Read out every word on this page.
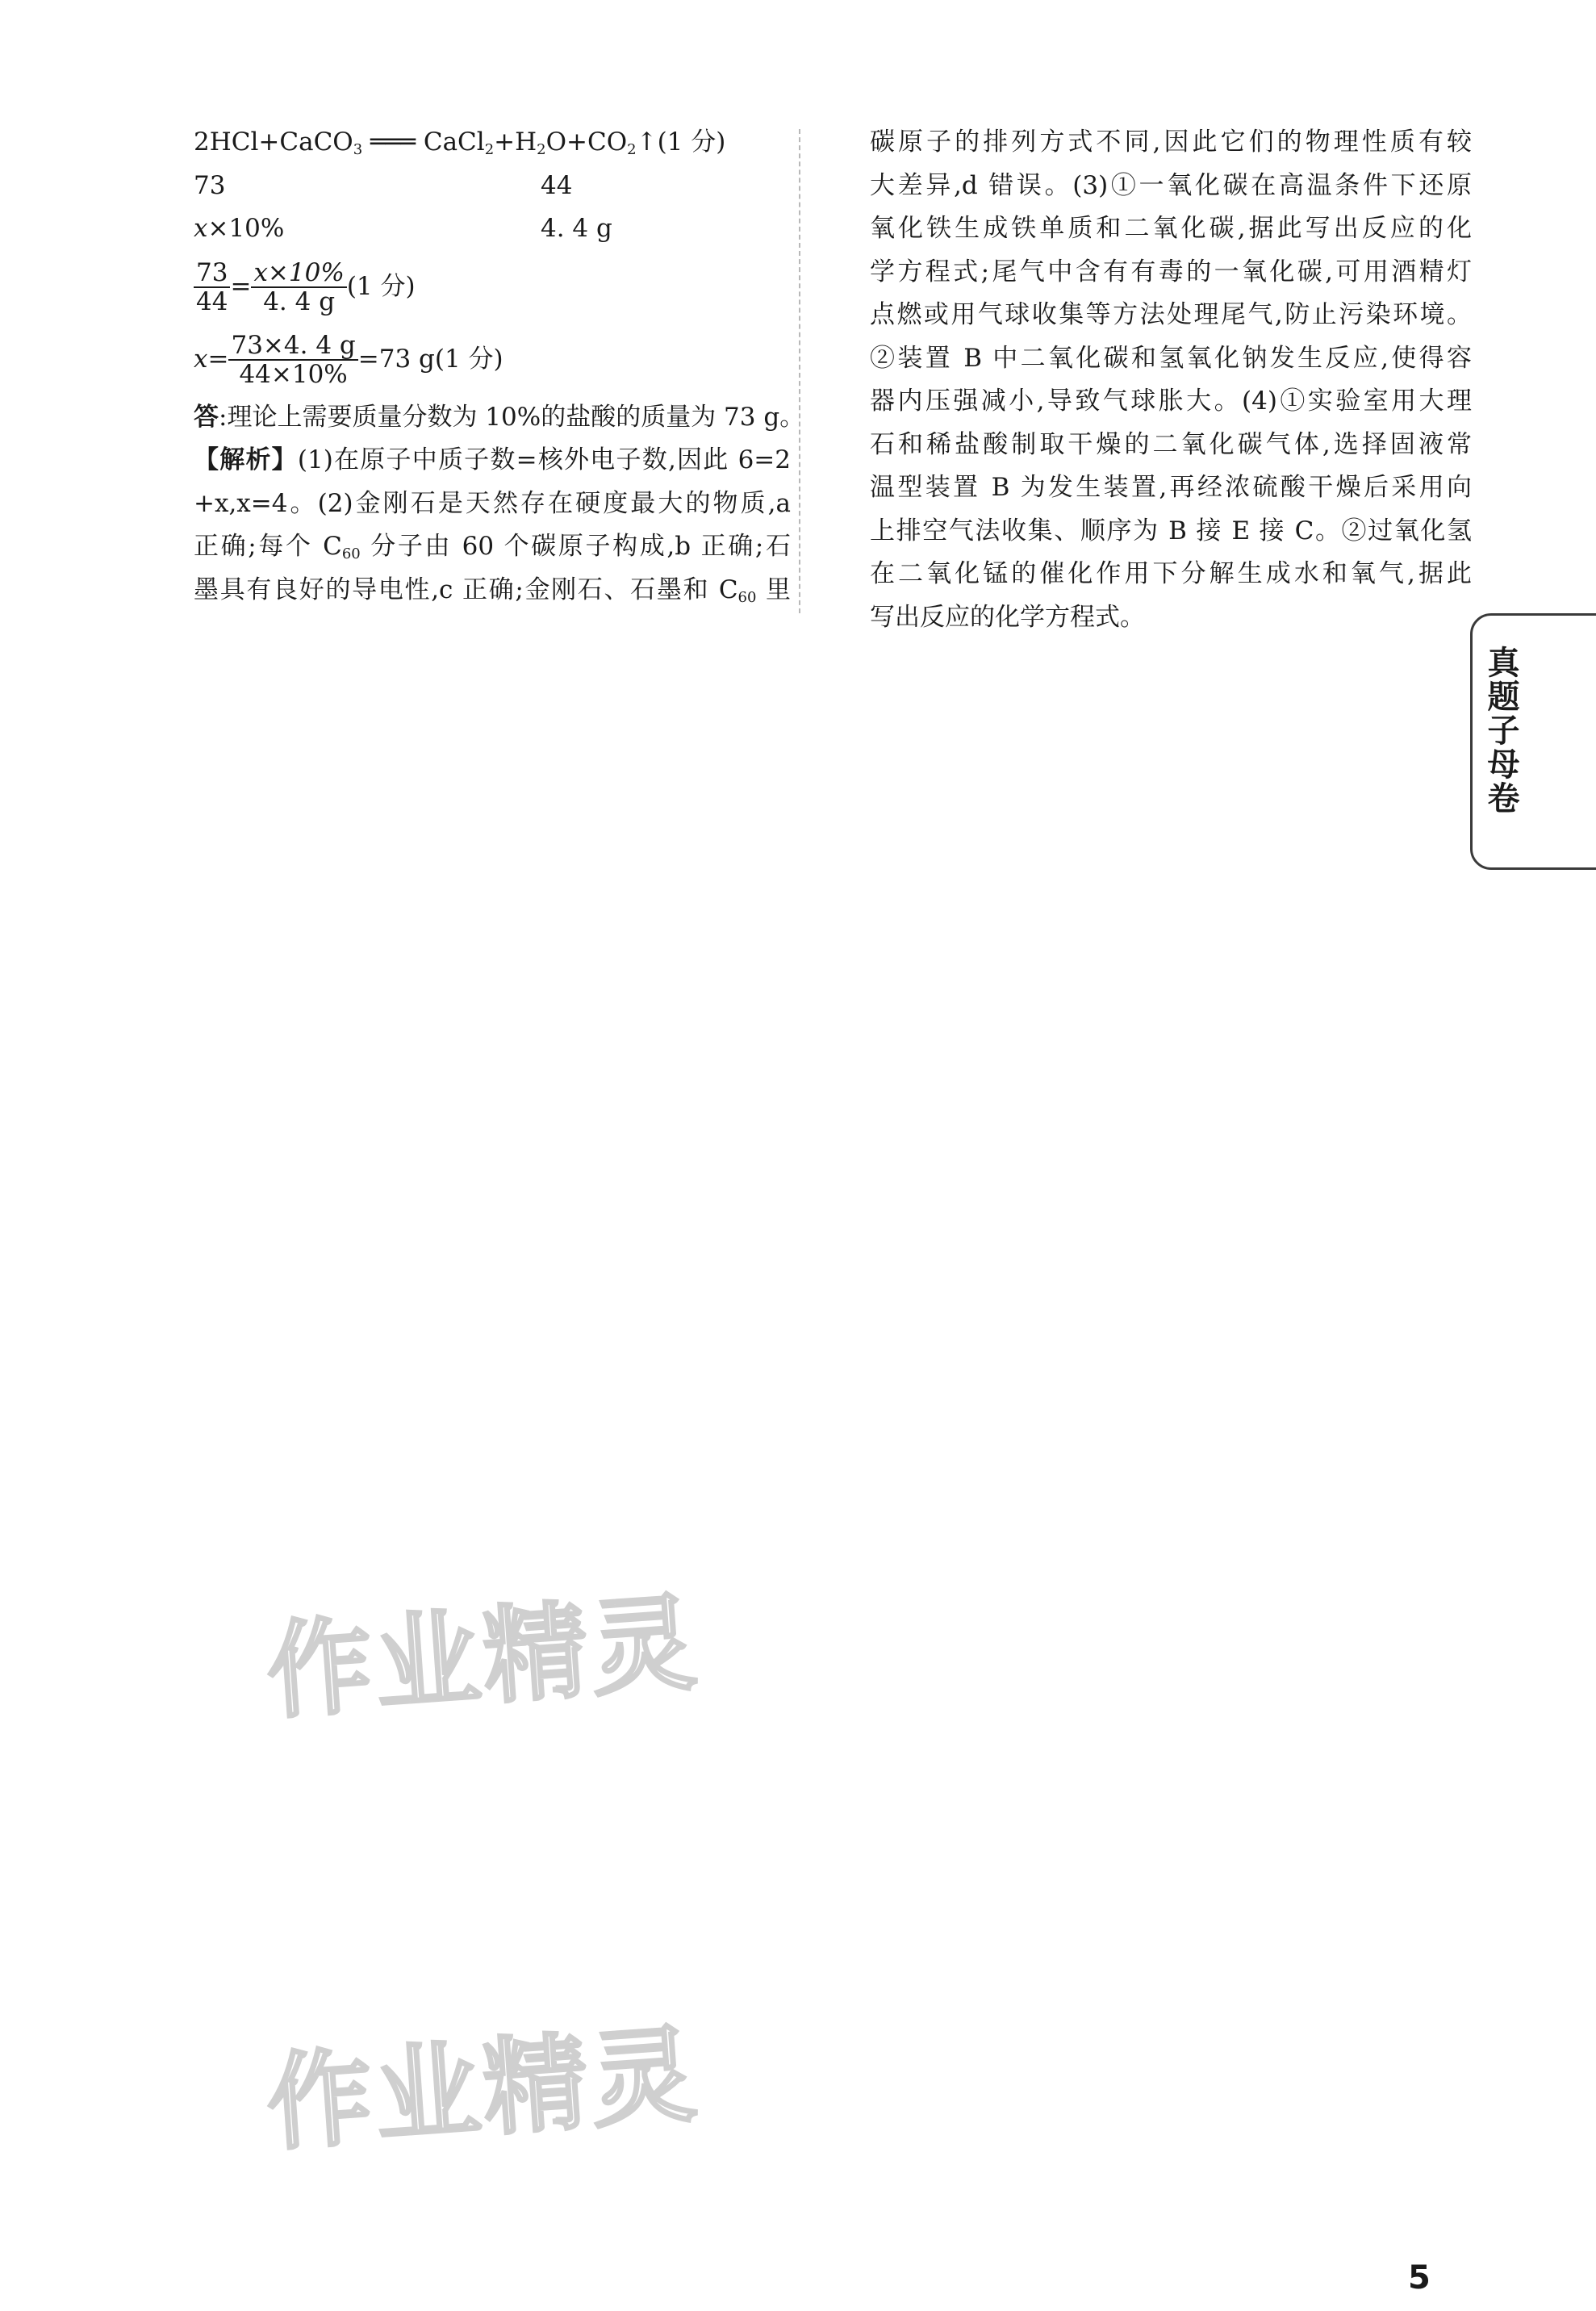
2HCl+CaCO$_3$ ═══ $CaCl_2+H_2O+CO_2↑(1$ 分)
73	44
x×10%	4. 4 g
$\frac{73}{44} = \frac{x\times 10\%}{4. 4 g} (1$ 分)
$x = \frac{73\times 4. 4 g}{44\times 10\%} =73$ g(1 分)
答:理论上需要质量分数为 10%的盐酸的质量为 73 g。
【解析】(1)在原子中质子数=核外电子数,因此 6=2
+x,x=4。(2)金刚石是天然存在硬度最大的物质,a
正确;每个 $C_{60}$ 分子由 60 个碳原子构成,b 正确;石
墨具有良好的导电性,c 正确;金刚石、石墨和 $C_{60}$ 里
碳原子的排列方式不同,因此它们的物理性质有较
大差异,d 错误。(3)①一氧化碳在高温条件下还原
氧化铁生成铁单质和二氧化碳,据此写出反应的化
学方程式;尾气中含有有毒的一氧化碳,可用酒精灯
点燃或用气球收集等方法处理尾气,防止污染环境。
②装置 B 中二氧化碳和氢氧化钠发生反应,使得容
器内压强减小,导致气球胀大。(4)①实验室用大理
石和稀盐酸制取干燥的二氧化碳气体,选择固液常
温型装置 B 为发生装置,再经浓硫酸干燥后采用向
上排空气法收集、顺序为 B 接 E 接 C。②过氧化氢
在二氧化锰的催化作用下分解生成水和氧气,据此
写出反应的化学方程式。
真题子母卷
作业精灵
作业精灵
5
